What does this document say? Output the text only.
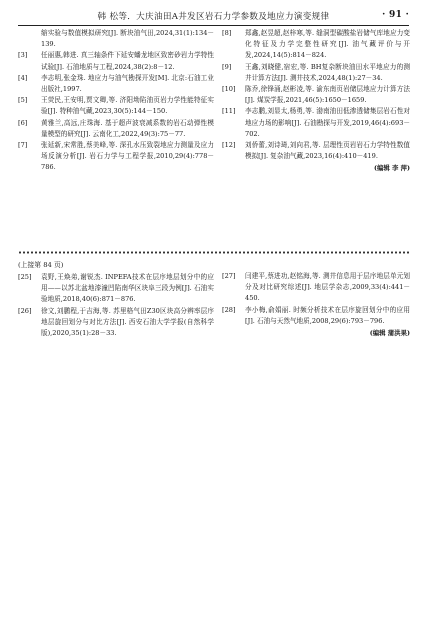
韩 松等．大庆油田A井发区岩石力学参数及地应力演变规律	· 91 ·
缩实验与数值模拟研究[J]. 断块油气田,2024,31(1):134－139.
[3]	任丽惠,韩进. 真三轴条件下延安蟠龙地区致密砂岩力学特性试验[J]. 石油地质与工程,2024,38(2):8－12.
[4]	李志明,张金珠. 地应力与油气勘探开发[M]. 北京:石油工业出版社,1997.
[5]	王荧民,王安明,贾文卿,等. 济阳坳陷油页岩力学性能特征实验[J]. 特种油气藏,2023,30(5):144－150.
[6]	黄雅兰,高远,庄珠海. 基于超声波衰减系数的岩石动弹性模量模型的研究[J]. 云南化工,2022,49(3):75－77.
[7]	张延新,宋常胜,蔡美峰,等. 深孔水压致裂地应力测量及应力场反演分析[J]. 岩石力学与工程学报,2010,29(4):778－786.
[8]	郑鑫,赵昱超,赵梓寒,等. 缝洞型碳酸盐岩储气库地应力变化特征及力学完整性研究[J]. 油气藏评价与开发,2024,14(5):814－824.
[9]	王鑫,刘晓健,宿宏,等. BH复杂断块油田水平地应力的测井计算方法[J]. 测井技术,2024,48(1):27－34.
[10]	陈乔,徐锋涌,赵彬凌,等. 渝东南页岩储层地应力计算方法[J]. 煤炭学报,2021,46(5):1650－1659.
[11]	李志鹏,刘显太,杨勇,等. 渤南油田低渗透储集层岩石性对地应力场的影响[J]. 石油勘探与开发,2019,46(4):693－702.
[12]	刘侨蕾,刘诗琦,刘向君,等. 层理性页岩岩石力学特性数值模拟[J]. 复杂油气藏,2023,16(4):410－419.
(编辑 李 萍)
(上接第 84 页)
[25]	袁野,王焕弟,谢锐杰. INPEFA技术在层序地层划分中的应用——以苏北盆地溱潼凹陷南华区块阜三段为例[J]. 石油实验地质,2018,40(6):871－876.
[26]	徐文,刘鹏程,于吉海,等. 苏里格气田Z30区块高分辨率层序地层旋回划分与对比方法[J]. 西安石油大学学报(自然科学版),2020,35(1):28－33.
[27]	闫建平,蔡进功,赵铭海,等. 测井信息用于层序地层单元划分及对比研究综述[J]. 地层学杂志,2009,33(4):441－450.
[28]	李小梅,俞娟丽. 时频分析技术在层序旋回划分中的应用[J]. 石油与天然气地质,2008,29(6):793－796.
(编辑 蒲洪果)
